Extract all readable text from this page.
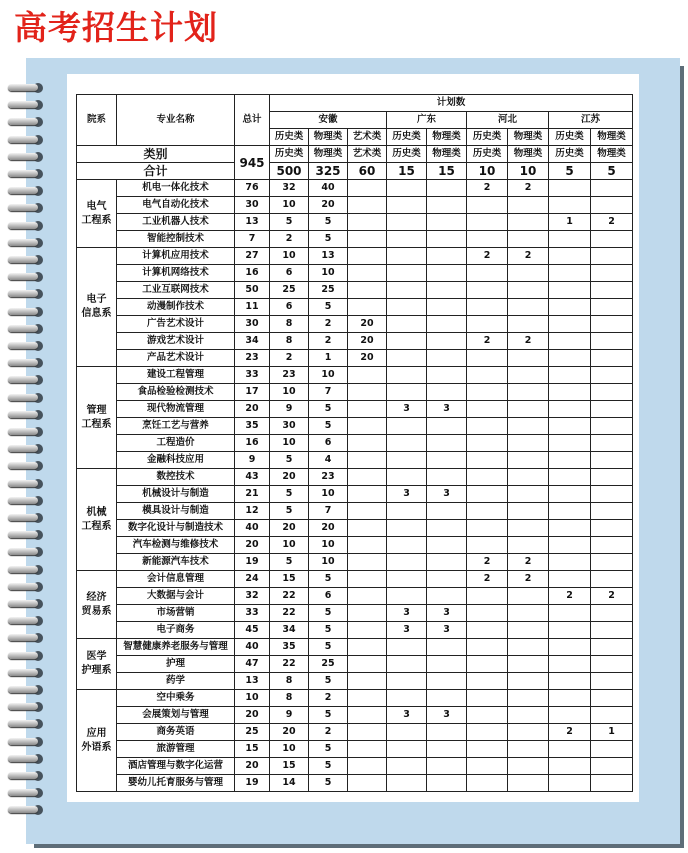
高考招生计划
院系	专业名称	总计	计划数								
			安徽			广东		河北		江苏	
			历史类	物理类	艺术类	历史类	物理类	历史类	物理类	历史类	物理类
类别		945	历史类	物理类	艺术类	历史类	物理类	历史类	物理类	历史类	物理类
合计			500	325	60	15	15	10	10	5	5
电气
工程系	机电一体化技术	76	32	40				2	2		
	电气自动化技术	30	10	20							
	工业机器人技术	13	5	5						1	2
	智能控制技术	7	2	5							
电子
信息系	计算机应用技术	27	10	13				2	2		
	计算机网络技术	16	6	10							
	工业互联网技术	50	25	25							
	动漫制作技术	11	6	5							
	广告艺术设计	30	8	2	20						
	游戏艺术设计	34	8	2	20			2	2		
	产品艺术设计	23	2	1	20						
管理
工程系	建设工程管理	33	23	10							
	食品检验检测技术	17	10	7							
	现代物流管理	20	9	5		3	3				
	烹饪工艺与营养	35	30	5							
	工程造价	16	10	6							
	金融科技应用	9	5	4							
机械
工程系	数控技术	43	20	23							
	机械设计与制造	21	5	10		3	3				
	模具设计与制造	12	5	7							
	数字化设计与制造技术	40	20	20							
	汽车检测与维修技术	20	10	10							
	新能源汽车技术	19	5	10				2	2		
经济
贸易系	会计信息管理	24	15	5				2	2		
	大数据与会计	32	22	6						2	2
	市场营销	33	22	5		3	3				
	电子商务	45	34	5		3	3				
医学
护理系	智慧健康养老服务与管理	40	35	5							
	护理	47	22	25							
	药学	13	8	5							
应用
外语系	空中乘务	10	8	2							
	会展策划与管理	20	9	5		3	3				
	商务英语	25	20	2						2	1
	旅游管理	15	10	5							
	酒店管理与数字化运营	20	15	5							
	婴幼儿托育服务与管理	19	14	5							
